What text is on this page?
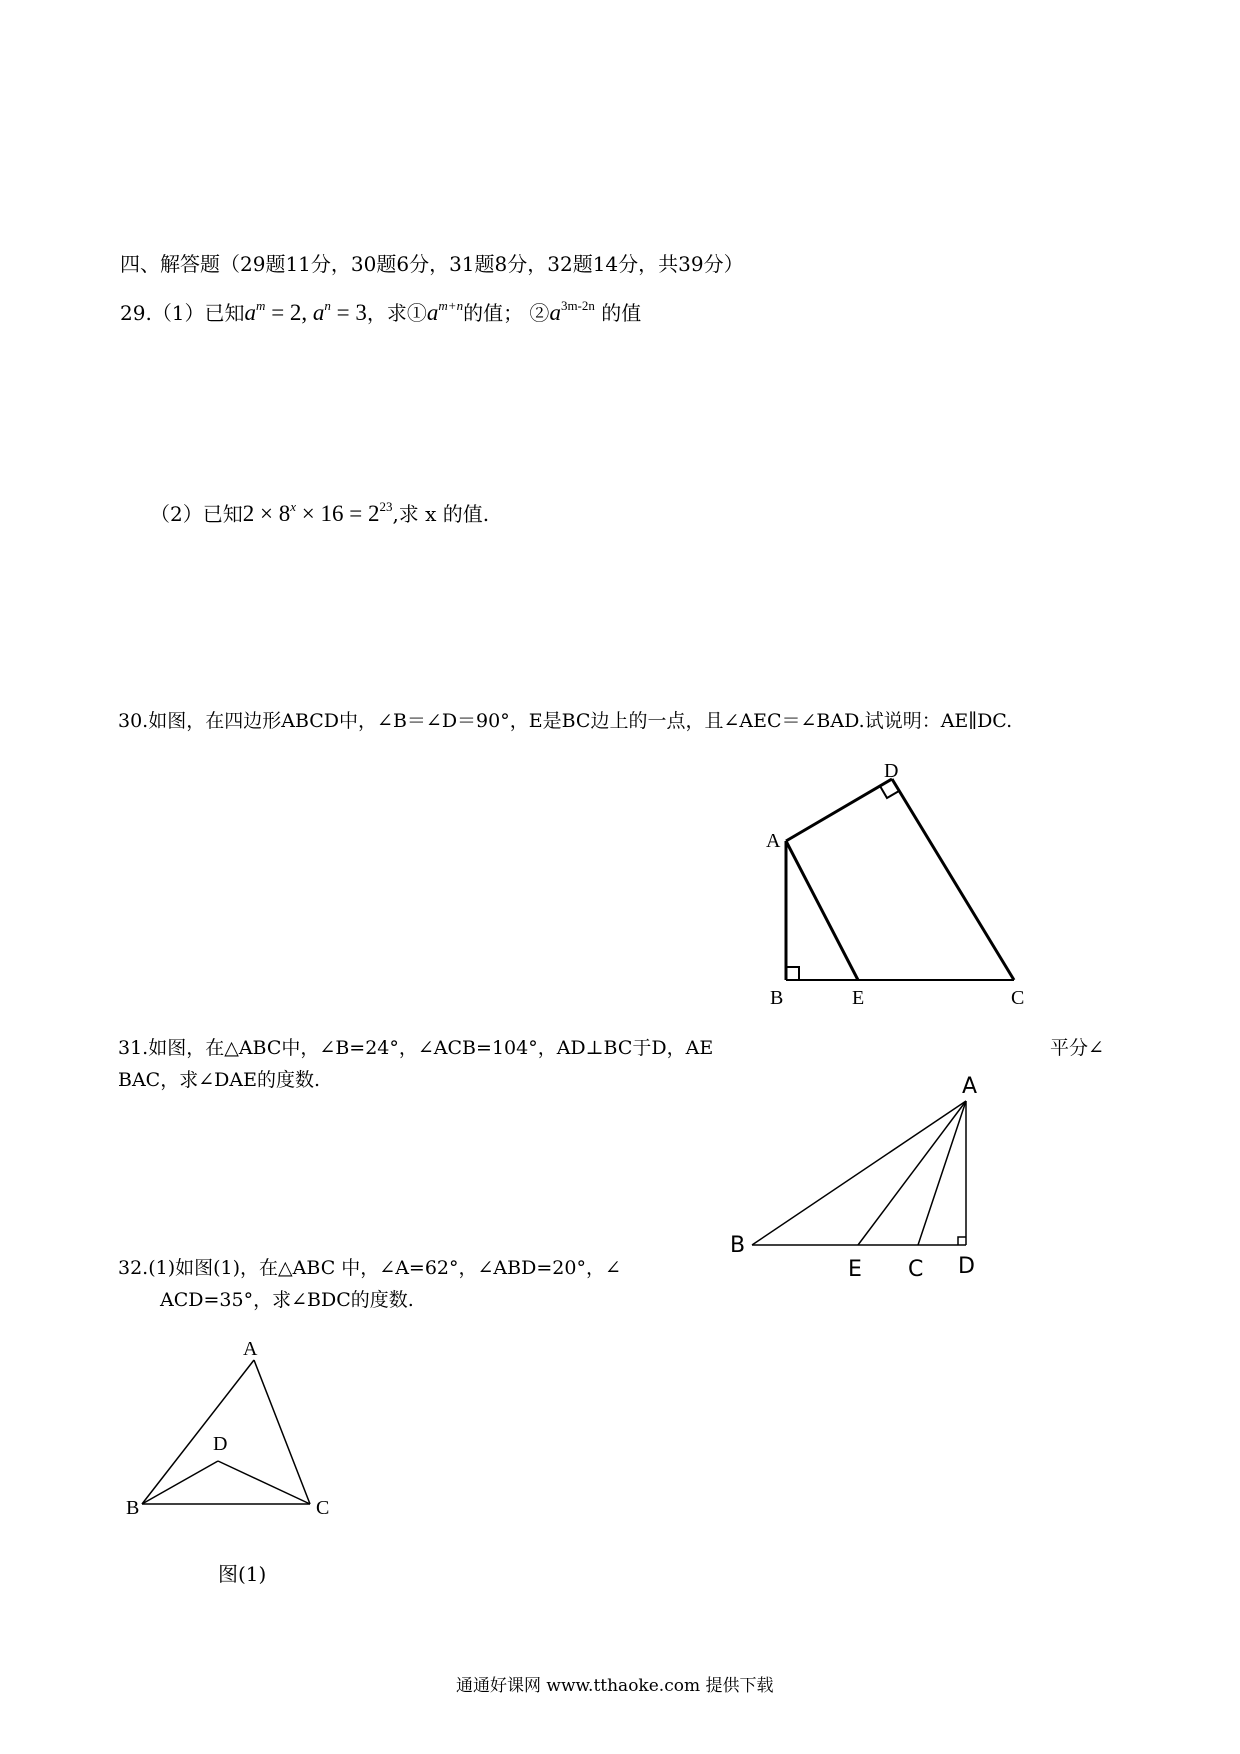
四、解答题（29题11分，30题6分，31题8分，32题14分，共39分）
29.（1）已知$a^m = 2$, $a^n = 3$，求$①a^{m+n}$的值； $②a^{3m-2n}$ 的值
（2）已知$2 \times 8^x \times 16 = 2^{23}$,求 x 的值.
30.如图，在四边形ABCD中，∠B＝∠D＝90°，E是BC边上的一点，且∠AEC＝∠BAD.试说明：AE∥DC.
31.如图，在△ABC中，∠B=24°，∠ACB=104°，AD⊥BC于D，AE	平分∠
BAC，求∠DAE的度数.
32.(1)如图(1)，在△ABC 中，∠A=62°，∠ABD=20°，∠
ACD=35°，求∠BDC的度数.
A
B	C
D
E
A
B
E C D
A
B	C
D
图(1)
通通好课网 www.tthaoke.com 提供下载
